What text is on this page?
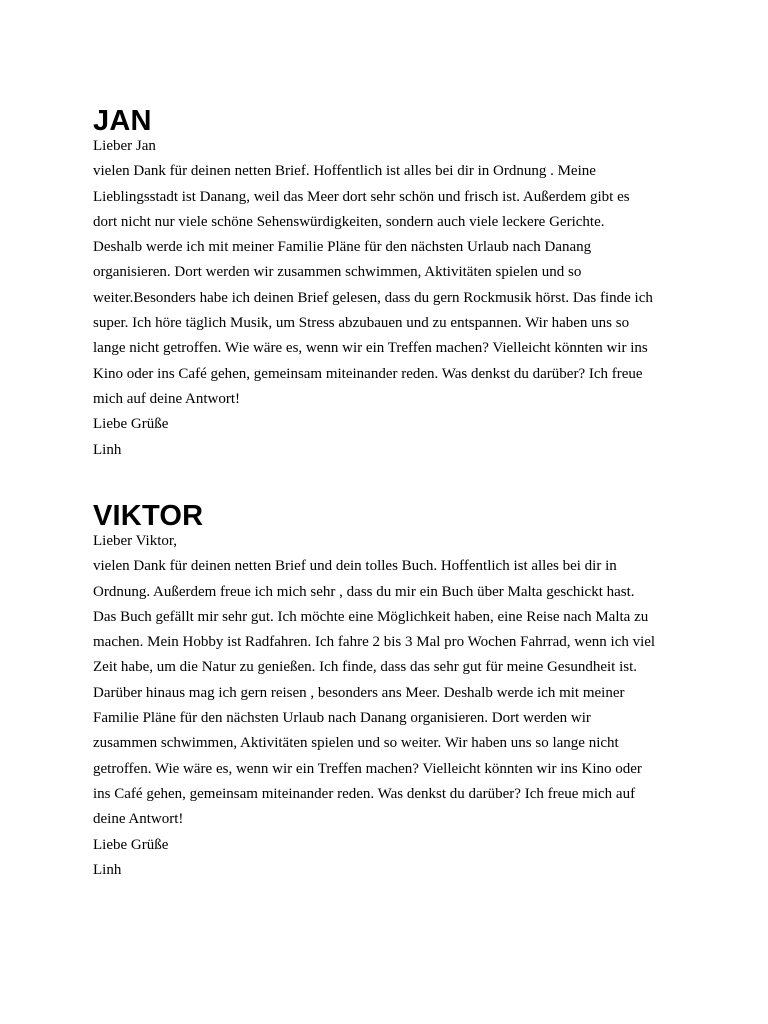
JAN

Lieber Jan

vielen Dank für deinen netten Brief. Hoffentlich ist alles bei dir in Ordnung . Meine

Lieblingsstadt ist Danang, weil das Meer dort sehr schön und frisch ist. Außerdem gibt es

dort nicht nur viele schöne Sehenswürdigkeiten, sondern auch viele leckere Gerichte.

Deshalb werde ich mit meiner Familie Pläne für den nächsten Urlaub nach Danang

organisieren. Dort werden wir zusammen schwimmen, Aktivitäten spielen und so

weiter.Besonders habe ich deinen Brief gelesen, dass du gern Rockmusik hörst. Das finde ich

super. Ich höre täglich Musik, um Stress abzubauen und zu entspannen. Wir haben uns so

lange nicht getroffen. Wie wäre es, wenn wir ein Treffen machen? Vielleicht könnten wir ins

Kino oder ins Café gehen, gemeinsam miteinander reden. Was denkst du darüber? Ich freue

mich auf deine Antwort!

Liebe Grüße

Linh

VIKTOR

Lieber Viktor,

vielen Dank für deinen netten Brief und dein tolles Buch. Hoffentlich ist alles bei dir in

Ordnung. Außerdem freue ich mich sehr , dass du mir ein Buch über Malta geschickt hast.

Das Buch gefällt mir sehr gut. Ich möchte eine Möglichkeit haben, eine Reise nach Malta zu

machen. Mein Hobby ist Radfahren. Ich fahre 2 bis 3 Mal pro Wochen Fahrrad, wenn ich viel

Zeit habe, um die Natur zu genießen. Ich finde, dass das sehr gut für meine Gesundheit ist.

Darüber hinaus mag ich gern reisen , besonders ans Meer. Deshalb werde ich mit meiner

Familie Pläne für den nächsten Urlaub nach Danang organisieren. Dort werden wir

zusammen schwimmen, Aktivitäten spielen und so weiter. Wir haben uns so lange nicht

getroffen. Wie wäre es, wenn wir ein Treffen machen? Vielleicht könnten wir ins Kino oder

ins Café gehen, gemeinsam miteinander reden. Was denkst du darüber? Ich freue mich auf

deine Antwort!

Liebe Grüße

Linh
